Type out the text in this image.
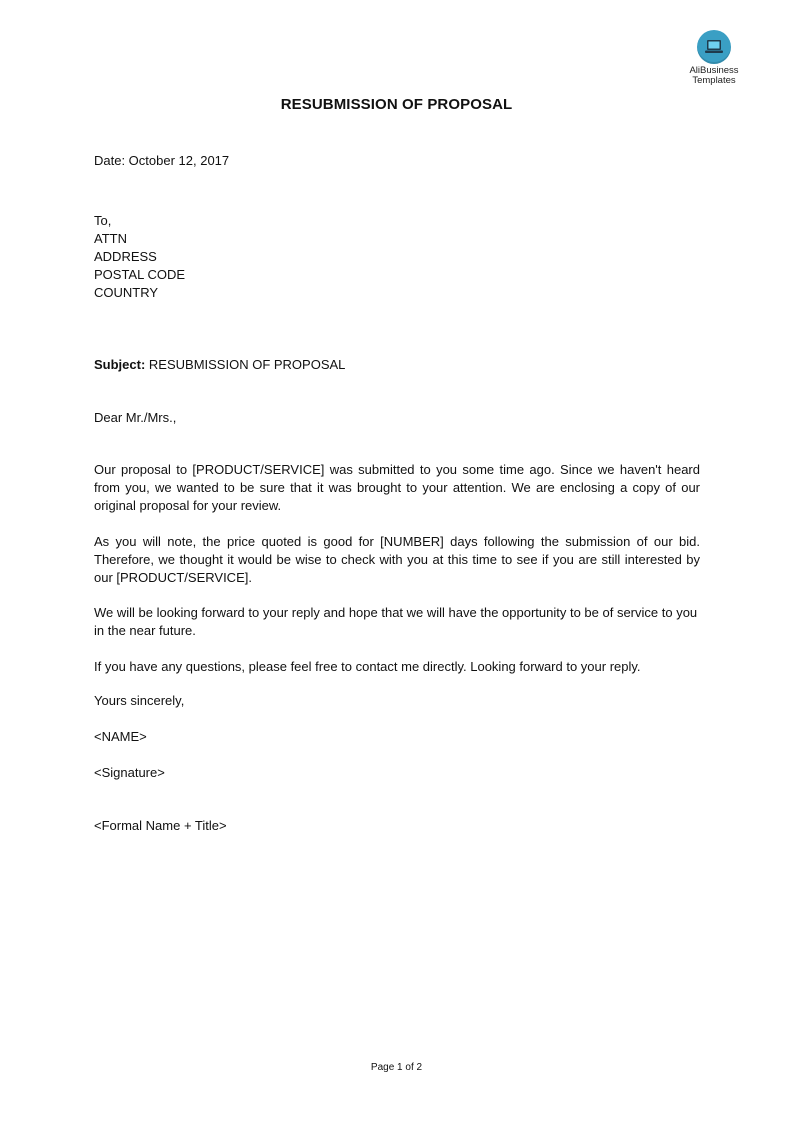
AliBusiness
Templates
RESUBMISSION OF PROPOSAL
Date: October 12, 2017
To,
ATTN
ADDRESS
POSTAL CODE
COUNTRY
Subject: RESUBMISSION OF PROPOSAL
Dear Mr./Mrs.,
Our proposal to [PRODUCT/SERVICE] was submitted to you some time ago. Since we haven't heard from you, we wanted to be sure that it was brought to your attention. We are enclosing a copy of our original proposal for your review.
As you will note, the price quoted is good for [NUMBER] days following the submission of our bid. Therefore, we thought it would be wise to check with you at this time to see if you are still interested by our [PRODUCT/SERVICE].
We will be looking forward to your reply and hope that we will have the opportunity to be of service to you in the near future.
If you have any questions, please feel free to contact me directly. Looking forward to your reply.
Yours sincerely,
<NAME>
<Signature>
<Formal Name + Title>
Page 1 of 2
